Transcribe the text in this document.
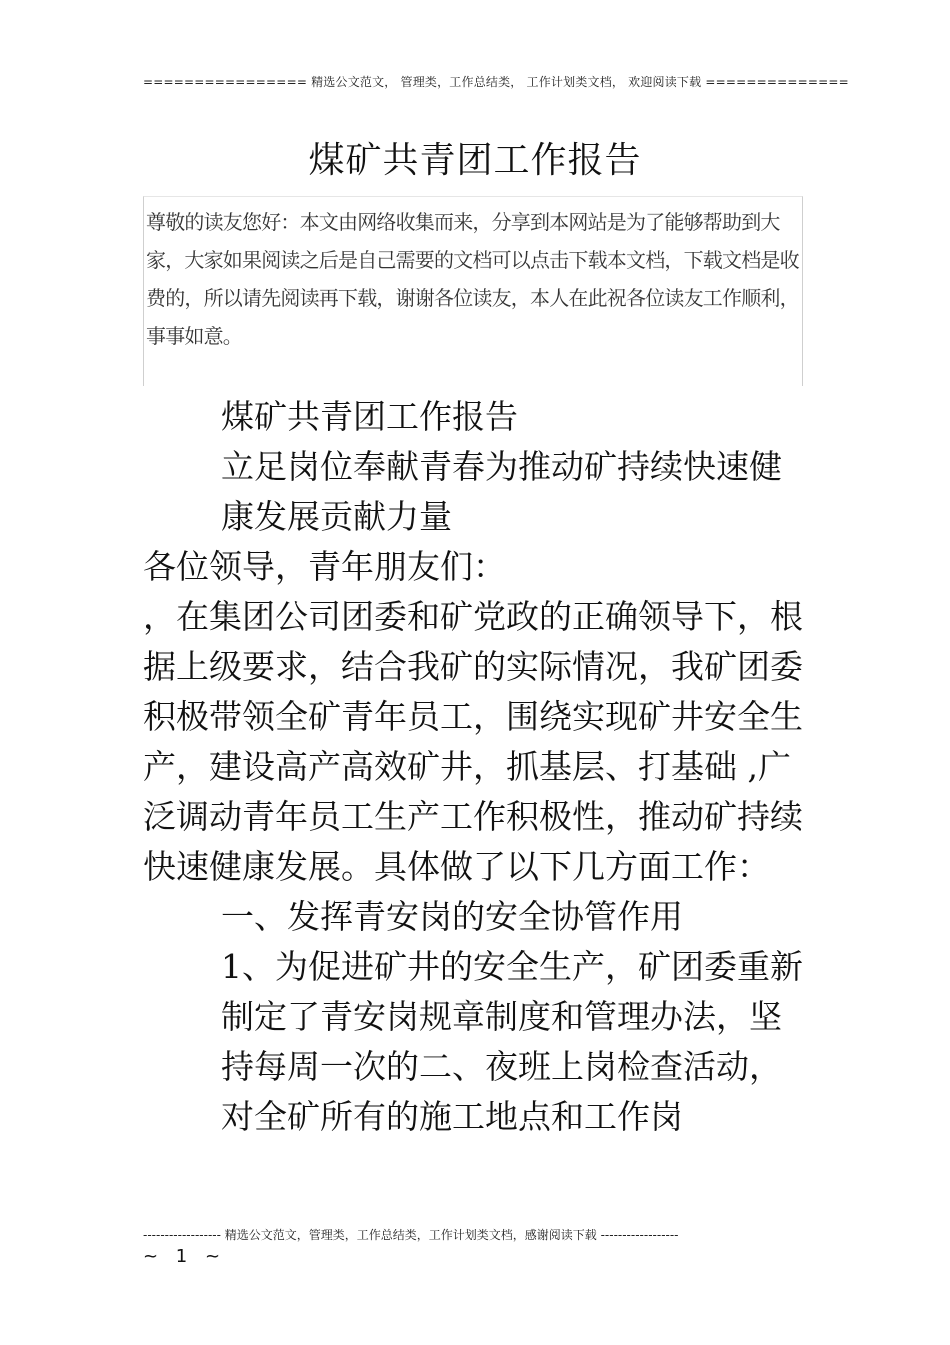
================ 精选公文范文， 管理类，工作总结类， 工作计划类文档， 欢迎阅读下载 ==============
煤矿共青团工作报告
尊敬的读友您好：本文由网络收集而来，分享到本网站是为了能够帮助到大家，大家如果阅读之后是自己需要的文档可以点击下载本文档，下载文档是收费的，所以请先阅读再下载，谢谢各位读友，本人在此祝各位读友工作顺利，事事如意。

煤矿共青团工作报告

立足岗位奉献青春为推动矿持续快速健康发展贡献力量

各位领导，青年朋友们：

，在集团公司团委和矿党政的正确领导下，根据上级要求，结合我矿的实际情况，我矿团委积极带领全矿青年员工，围绕实现矿井安全生产，建设高产高效矿井，抓基层、打基础 ,广泛调动青年员工生产工作积极性，推动矿持续快速健康发展。具体做了以下几方面工作：

一、发挥青安岗的安全协管作用

1、为促进矿井的安全生产，矿团委重新制定了青安岗规章制度和管理办法，坚持每周一次的二、夜班上岗检查活动，对全矿所有的施工地点和工作岗

------------------ 精选公文范文，管理类，工作总结类，工作计划类文档，感谢阅读下载 ------------------
~ 1 ~
